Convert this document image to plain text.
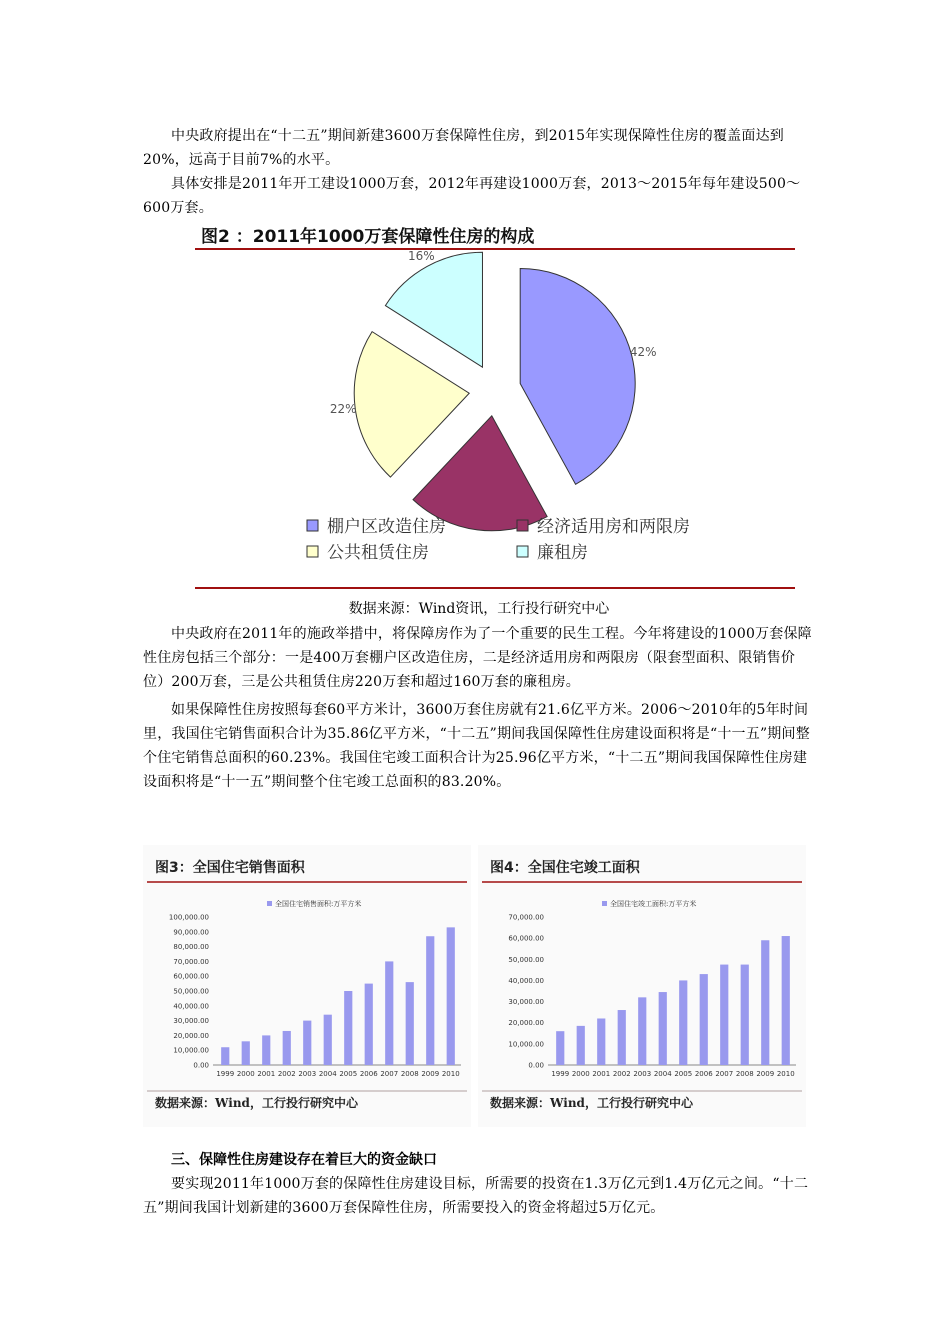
中央政府提出在“十二五”期间新建3600万套保障性住房，到2015年实现保障性住房的覆盖面达到20%，远高于目前7%的水平。

具体安排是2011年开工建设1000万套，2012年再建设1000万套，2013～2015年每年建设500～600万套。

图2 ：2011年1000万套保障性住房的构成
42%
22%
16%
棚户区改造住房	经济适用房和两限房
公共租赁住房	廉租房
数据来源：Wind资讯，工行投行研究中心

中央政府在2011年的施政举措中，将保障房作为了一个重要的民生工程。今年将建设的1000万套保障性住房包括三个部分：一是400万套棚户区改造住房，二是经济适用房和两限房（限套型面积、限销售价位）200万套，三是公共租赁住房220万套和超过160万套的廉租房。

如果保障性住房按照每套60平方米计，3600万套住房就有21.6亿平方米。2006～2010年的5年时间里，我国住宅销售面积合计为35.86亿平方米，“十二五”期间我国保障性住房建设面积将是“十一五”期间整个住宅销售总面积的60.23%。我国住宅竣工面积合计为25.96亿平方米，“十二五”期间我国保障性住房建设面积将是“十一五”期间整个住宅竣工总面积的83.20%。

图3：全国住宅销售面积
全国住宅销售面积:万平方米
0.00
10,000.00
20,000.00
30,000.00
40,000.00
50,000.00
60,000.00
70,000.00
80,000.00
90,000.00
100,000.00
1999 2000 2001 2002 2003 2004 2005 2006 2007 2008 2009 2010
数据来源：Wind，工行投行研究中心
图4：全国住宅竣工面积
全国住宅竣工面积:万平方米
0.00
10,000.00
20,000.00
30,000.00
40,000.00
50,000.00
60,000.00
70,000.00
1999 2000 2001 2002 2003 2004 2005 2006 2007 2008 2009 2010
数据来源：Wind，工行投行研究中心
三、保障性住房建设存在着巨大的资金缺口

要实现2011年1000万套的保障性住房建设目标，所需要的投资在1.3万亿元到1.4万亿元之间。“十二五”期间我国计划新建的3600万套保障性住房，所需要投入的资金将超过5万亿元。
